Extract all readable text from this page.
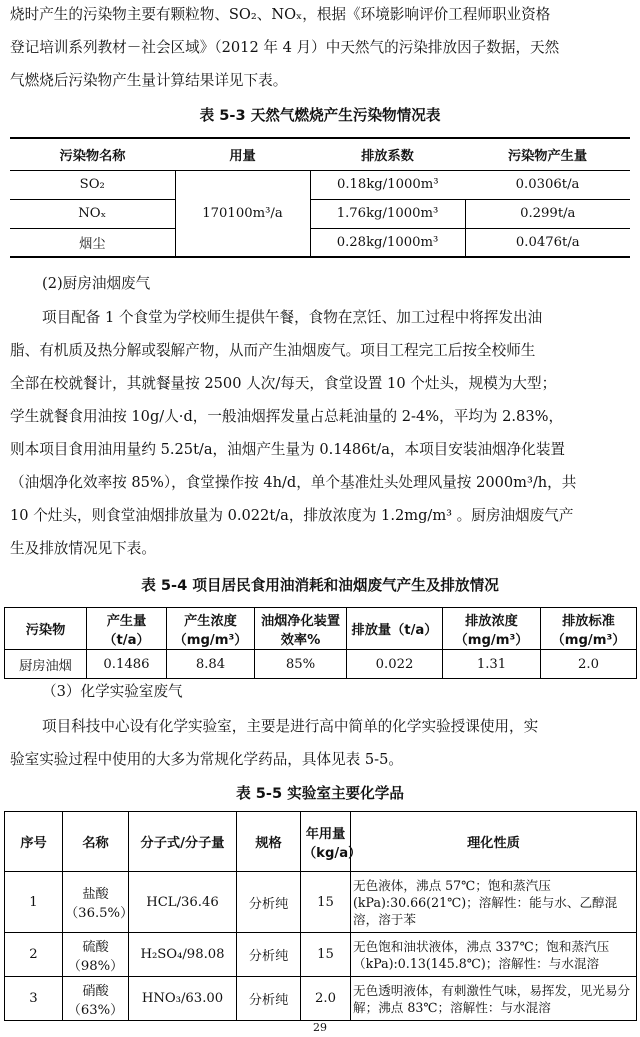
烧时产生的污染物主要有颗粒物、SO₂、NOₓ，根据《环境影响评价工程师职业资格
登记培训系列教材－社会区域》（2012 年 4 月）中天然气的污染排放因子数据，天然
气燃烧后污染物产生量计算结果详见下表。
表 5-3 天然气燃烧产生污染物情况表
污染物名称	用量	排放系数	污染物产生量
SO₂	170100m³/a	0.18kg/1000m³	0.0306t/a
NOₓ		1.76kg/1000m³	0.299t/a
烟尘		0.28kg/1000m³	0.0476t/a
(2)厨房油烟废气
项目配备 1 个食堂为学校师生提供午餐，食物在烹饪、加工过程中将挥发出油
脂、有机质及热分解或裂解产物，从而产生油烟废气。项目工程完工后按全校师生
全部在校就餐计，其就餐量按 2500 人次/每天，食堂设置 10 个灶头，规模为大型；
学生就餐食用油按 10g/人·d，一般油烟挥发量占总耗油量的 2-4%，平均为 2.83%，
则本项目食用油用量约 5.25t/a，油烟产生量为 0.1486t/a，本项目安装油烟净化装置
（油烟净化效率按 85%），食堂操作按 4h/d，单个基准灶头处理风量按 2000m³/h，共
10 个灶头，则食堂油烟排放量为 0.022t/a，排放浓度为 1.2mg/m³ 。厨房油烟废气产
生及排放情况见下表。
表 5-4 项目居民食用油消耗和油烟废气产生及排放情况
污染物	产生量（t/a）	产生浓度（mg/m³）	油烟净化装置效率%	排放量（t/a）	排放浓度（mg/m³）	排放标准（mg/m³）
厨房油烟	0.1486	8.84	85%	0.022	1.31	2.0
（3）化学实验室废气
项目科技中心设有化学实验室，主要是进行高中简单的化学实验授课使用，实
验室实验过程中使用的大多为常规化学药品，具体见表 5-5。
表 5-5 实验室主要化学品
序号	名称	分子式/分子量	规格	年用量（kg/a）	理化性质
1	盐酸（36.5%）	HCL/36.46	分析纯	15	无色液体，沸点 57℃；饱和蒸汽压(kPa):30.66(21℃)；溶解性：能与水、乙醇混溶，溶于苯
2	硫酸（98%）	H₂SO₄/98.08	分析纯	15	无色饱和油状液体，沸点 337℃；饱和蒸汽压（kPa):0.13(145.8℃)；溶解性：与水混溶
3	硝酸（63%）	HNO₃/63.00	分析纯	2.0	无色透明液体，有刺激性气味，易挥发，见光易分解；沸点 83℃；溶解性：与水混溶
29
